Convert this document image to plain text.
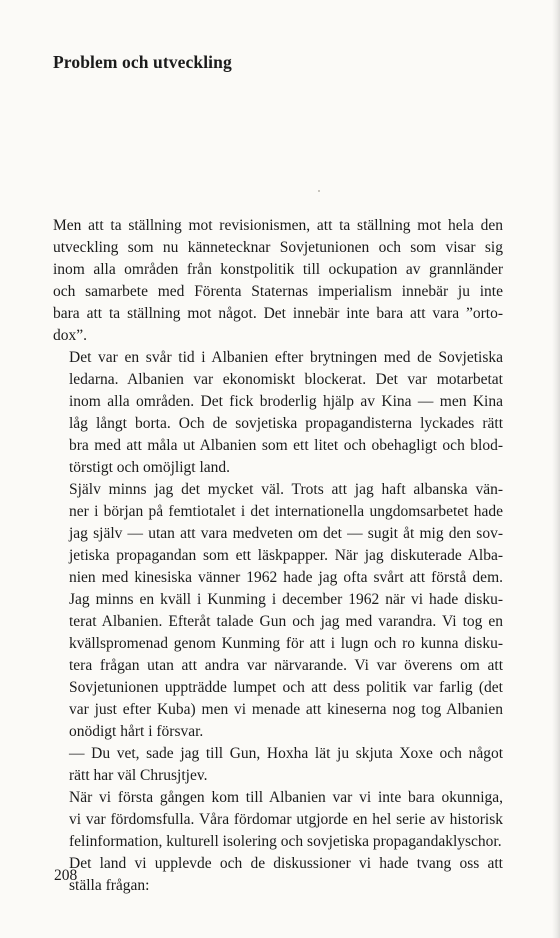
Problem och utveckling

Men att ta ställning mot revisionismen, att ta ställning mot hela den
utveckling som nu kännetecknar Sovjetunionen och som visar sig
inom alla områden från konstpolitik till ockupation av grannländer
och samarbete med Förenta Staternas imperialism innebär ju inte
bara att ta ställning mot något. Det innebär inte bara att vara ”orto-
dox”.

Det var en svår tid i Albanien efter brytningen med de Sovjetiska
ledarna. Albanien var ekonomiskt blockerat. Det var motarbetat
inom alla områden. Det fick broderlig hjälp av Kina — men Kina
låg långt borta. Och de sovjetiska propagandisterna lyckades rätt
bra med att måla ut Albanien som ett litet och obehagligt och blod-
törstigt och omöjligt land.

Själv minns jag det mycket väl. Trots att jag haft albanska vän-
ner i början på femtiotalet i det internationella ungdomsarbetet hade
jag själv — utan att vara medveten om det — sugit åt mig den sov-
jetiska propagandan som ett läskpapper. När jag diskuterade Alba-
nien med kinesiska vänner 1962 hade jag ofta svårt att förstå dem.
Jag minns en kväll i Kunming i december 1962 när vi hade disku-
terat Albanien. Efteråt talade Gun och jag med varandra. Vi tog en
kvällspromenad genom Kunming för att i lugn och ro kunna disku-
tera frågan utan att andra var närvarande. Vi var överens om att
Sovjetunionen uppträdde lumpet och att dess politik var farlig (det
var just efter Kuba) men vi menade att kineserna nog tog Albanien
onödigt hårt i försvar.

— Du vet, sade jag till Gun, Hoxha lät ju skjuta Xoxe och något
rätt har väl Chrusjtjev.

När vi första gången kom till Albanien var vi inte bara okunniga,
vi var fördomsfulla. Våra fördomar utgjorde en hel serie av historisk
felinformation, kulturell isolering och sovjetiska propagandaklyschor.

Det land vi upplevde och de diskussioner vi hade tvang oss att
ställa frågan:

208
